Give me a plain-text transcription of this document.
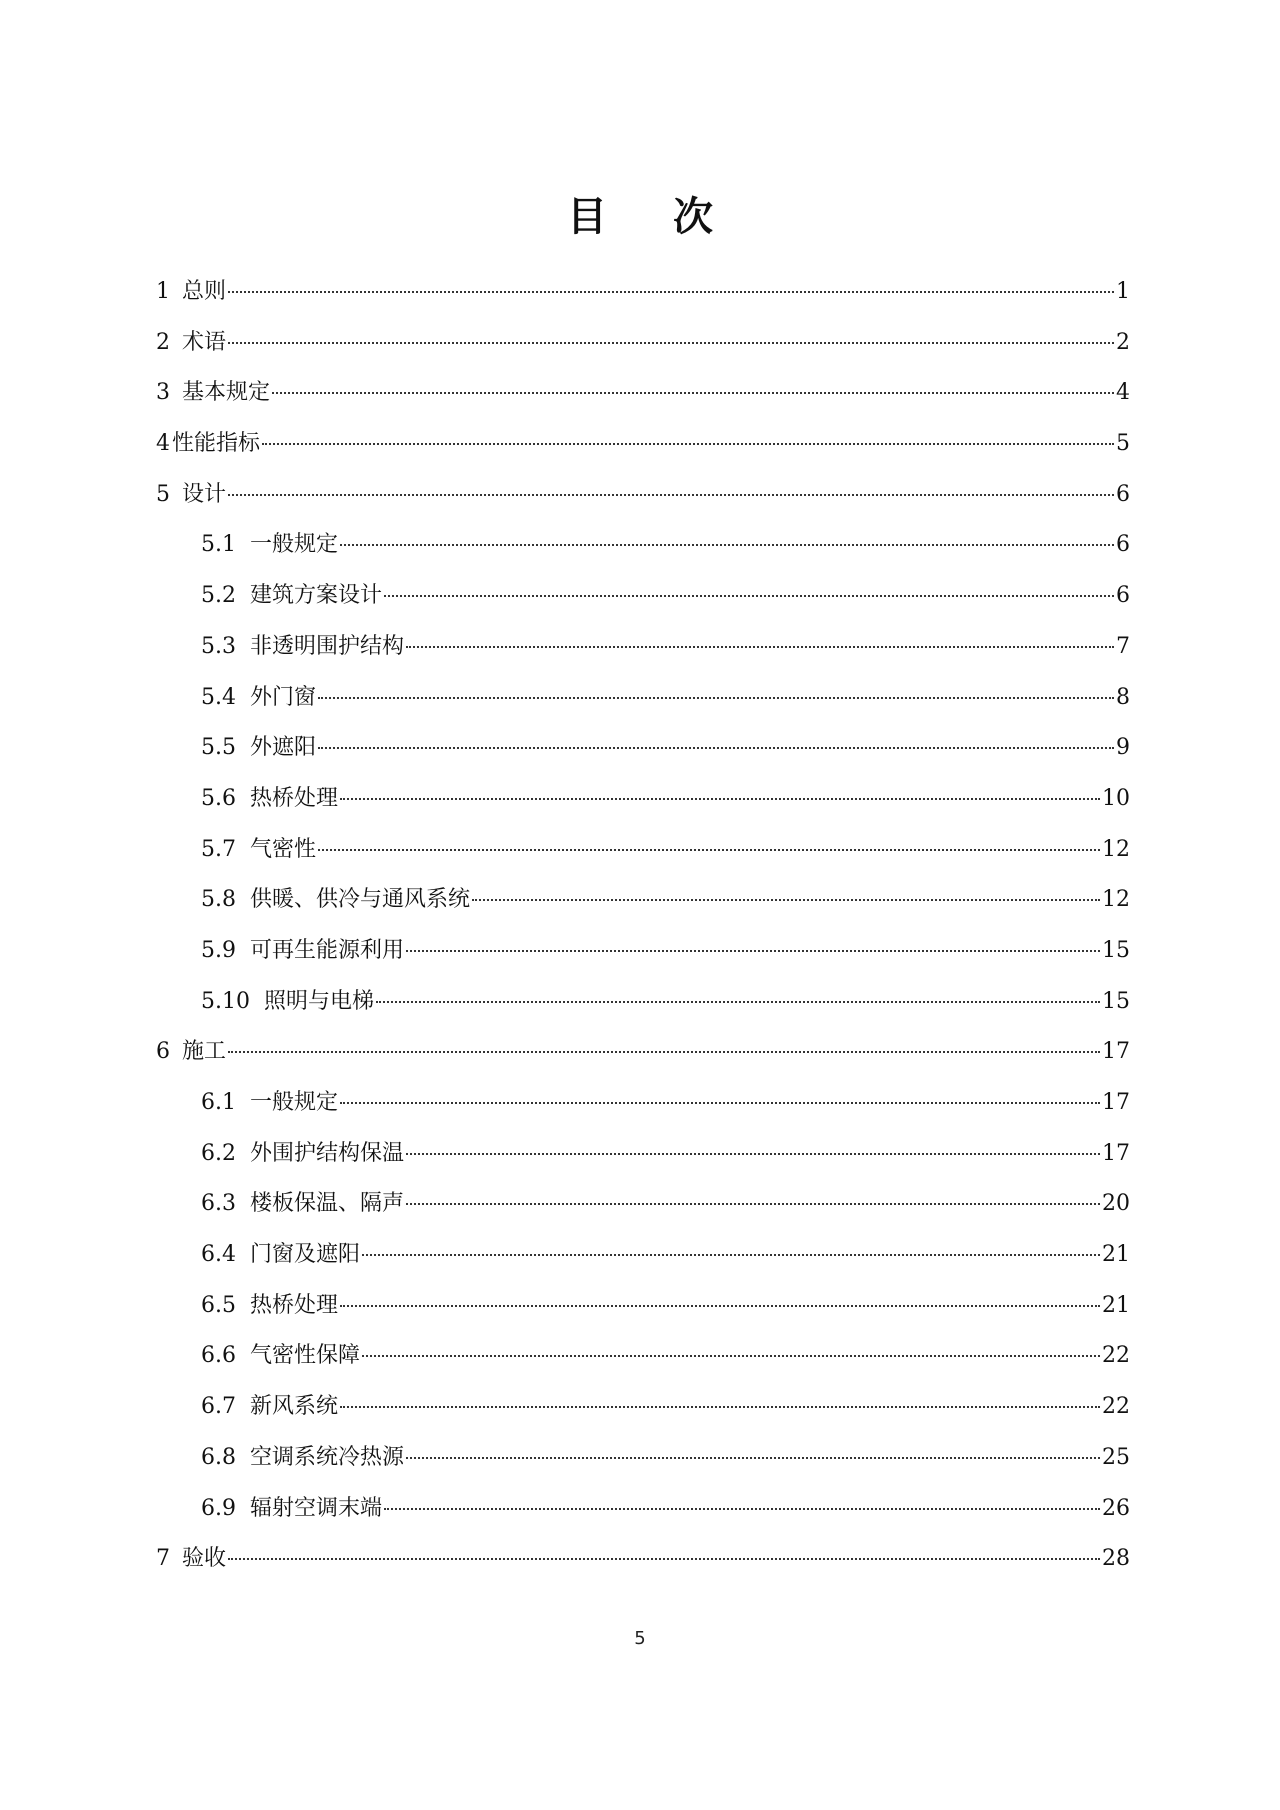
目 次
1 总则	1
2 术语	2
3 基本规定	4
4 性能指标	5
5 设计	6
5.1 一般规定	6
5.2 建筑方案设计	6
5.3 非透明围护结构	7
5.4 外门窗	8
5.5 外遮阳	9
5.6 热桥处理	10
5.7 气密性	12
5.8 供暖、供冷与通风系统	12
5.9 可再生能源利用	15
5.10 照明与电梯	15
6 施工	17
6.1 一般规定	17
6.2 外围护结构保温	17
6.3 楼板保温、隔声	20
6.4 门窗及遮阳	21
6.5 热桥处理	21
6.6 气密性保障	22
6.7 新风系统	22
6.8 空调系统冷热源	25
6.9 辐射空调末端	26
7 验收	28
5
